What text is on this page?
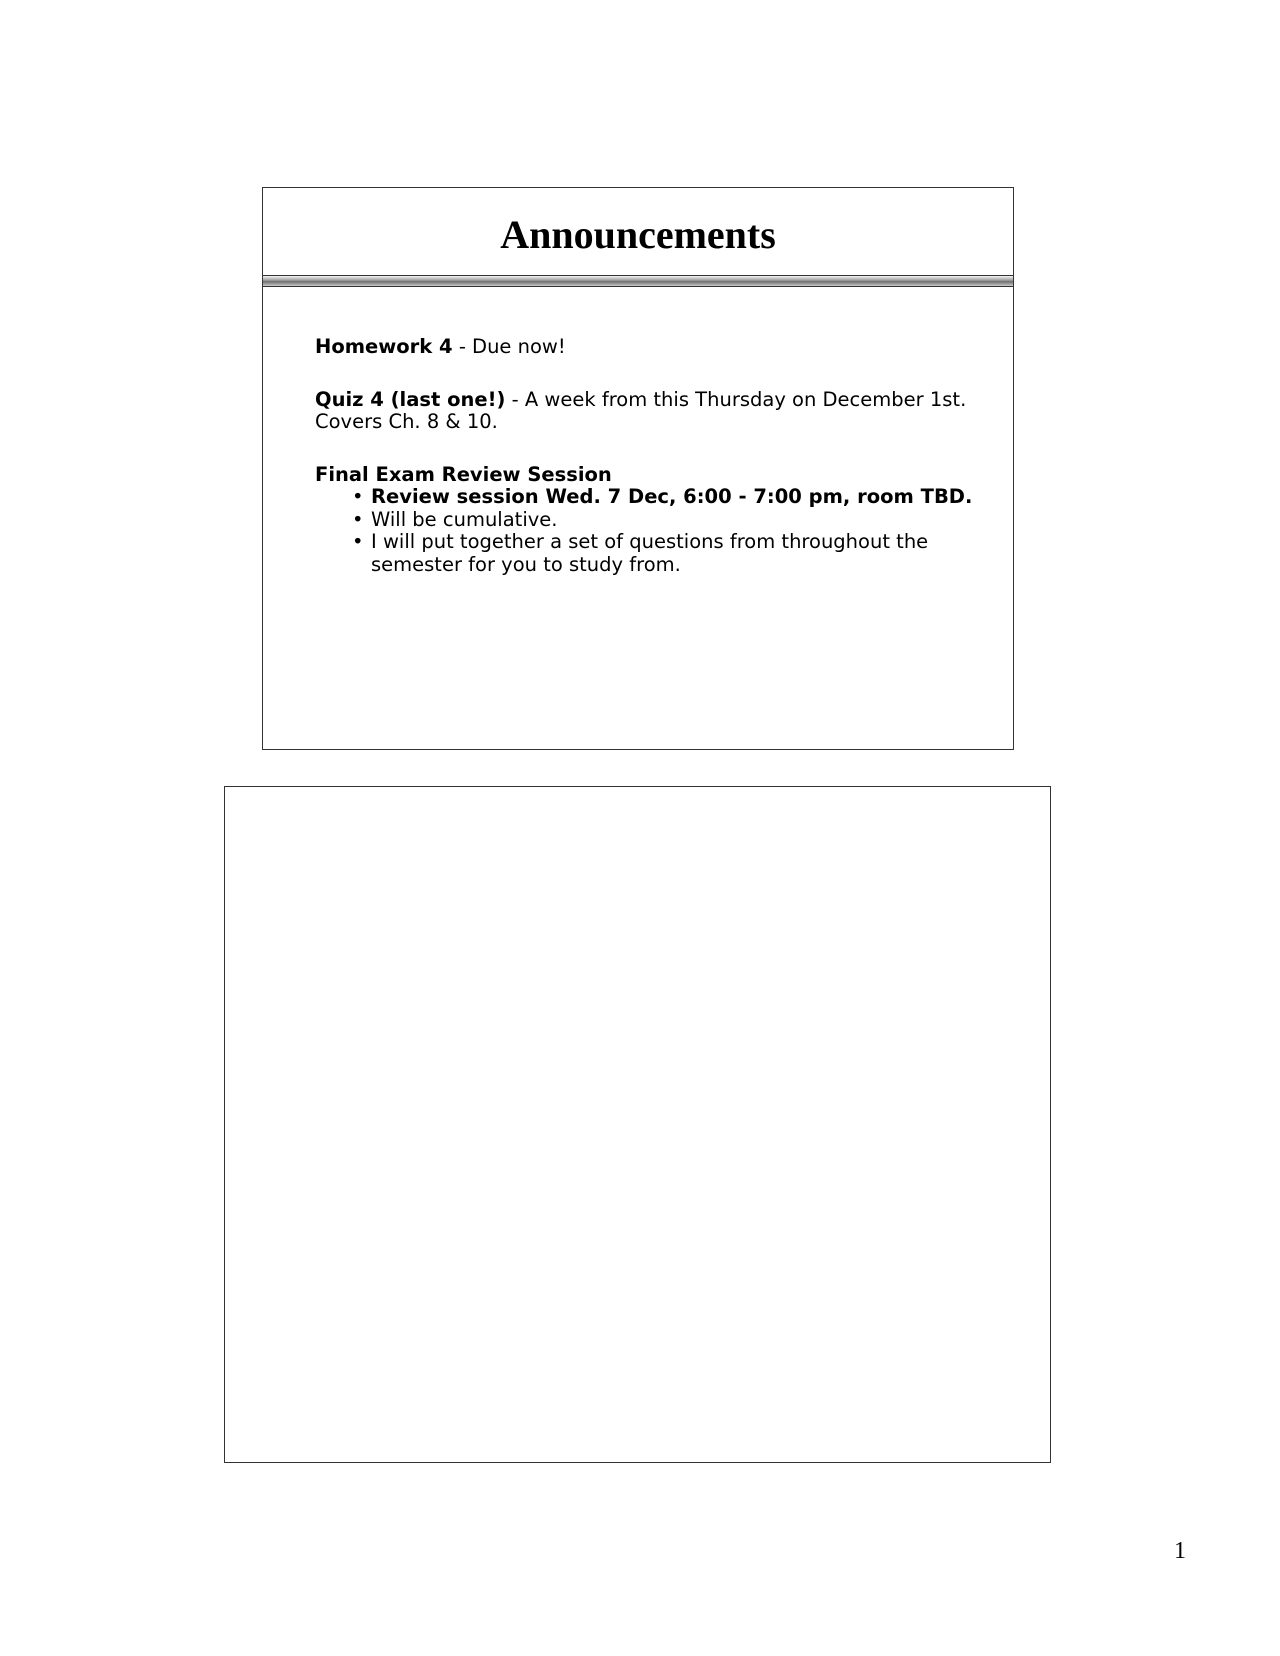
Announcements

Homework 4 - Due now!

Quiz 4 (last one!) - A week from this Thursday on December 1st.
Covers Ch. 8 & 10.

Final Exam Review Session

• Review session Wed. 7 Dec, 6:00 - 7:00 pm, room TBD.
• Will be cumulative.
• I will put together a set of questions from throughout the semester for you to study from.
1
